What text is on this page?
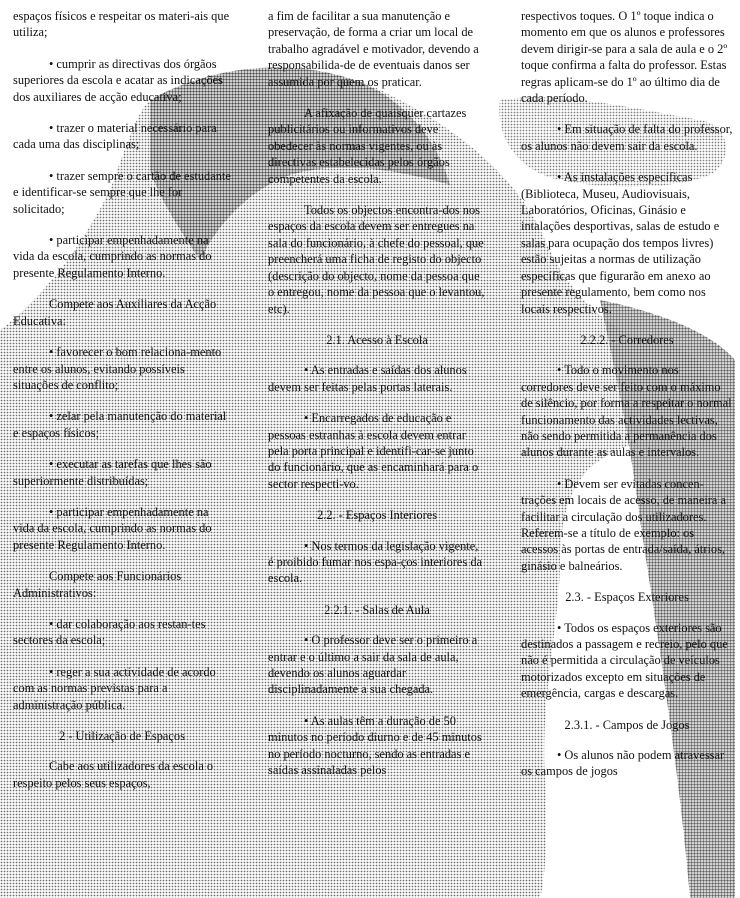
espaços físicos e respeitar os materi-ais que utiliza;

• cumprir as directivas dos órgãos superiores da escola e acatar as indicações dos auxiliares de acção educativa;

• trazer o material necessário para cada uma das disciplinas;

• trazer sempre o cartão de estudante e identificar-se sempre que lhe for solicitado;

• participar empenhadamente na vida da escola, cumprindo as normas do presente Regulamento Interno.

Compete aos Auxiliares da Acção Educativa:

• favorecer o bom relaciona-mento entre os alunos, evitando possíveis situações de conflito;

• zelar pela manutenção do material e espaços físicos;

• executar as tarefas que lhes são superiormente distribuídas;

• participar empenhadamente na vida da escola, cumprindo as normas do presente Regulamento Interno.

Compete aos Funcionários Administrativos:

• dar colaboração aos restan-tes sectores da escola;

• reger a sua actividade de acordo com as normas previstas para a administração pública.

2 - Utilização de Espaços

Cabe aos utilizadores da escola o respeito pelos seus espaços,

a fim de facilitar a sua manutenção e preservação, de forma a criar um local de trabalho agradável e motivador, devendo a responsabilida-de de eventuais danos ser assumida por quem os praticar.

A afixação de quaisquer cartazes publicitários ou informativos deve obedecer às normas vigentes, ou às directivas estabelecidas pelos órgãos competentes da escola.

Todos os objectos encontra-dos nos espaços da escola devem ser entregues na sala do funcionário, à chefe do pessoal, que preencherá uma ficha de registo do objecto (descrição do objecto, nome da pessoa que o entregou, nome da pessoa que o levantou, etc).

2.1. Acesso à Escola

• As entradas e saídas dos alunos devem ser feitas pelas portas laterais.

• Encarregados de educação e pessoas estranhas à escola devem entrar pela porta principal e identifi-car-se junto do funcionário, que as encaminhará para o sector respecti-vo.

2.2. - Espaços Interiores

• Nos termos da legislação vigente, é proibido fumar nos espa-ços interiores da escola.

2.2.1. - Salas de Aula

• O professor deve ser o primeiro a entrar e o último a sair da sala de aula, devendo os alunos aguardar disciplinadamente a sua chegada.

• As aulas têm a duração de 50 minutos no período diurno e de 45 minutos no período nocturno, sendo as entradas e saídas assinaladas pelos

respectivos toques. O 1º toque indica o momento em que os alunos e professores devem dirigir-se para a sala de aula e o 2º toque confirma a falta do professor. Estas regras aplicam-se do 1º ao último dia de cada período.

• Em situação de falta do professor, os alunos não devem sair da escola.

• As instalações específicas (Biblioteca, Museu, Audiovisuais, Laboratórios, Oficinas, Ginásio e intalações desportivas, salas de estudo e salas para ocupação dos tempos livres) estão sujeitas a normas de utilização específicas que figurarão em anexo ao presente regulamento, bem como nos locais respectivos.

2.2.2. - Corredores

• Todo o movimento nos corredores deve ser feito com o máximo de silêncio, por forma a respeitar o normal funcionamento das actividades lectivas, não sendo permitida a permanência dos alunos durante as aulas e intervalos.

• Devem ser evitadas concen-trações em locais de acesso, de maneira a facilitar a circulação dos utilizadores. Referem-se a título de exemplo: os acessos às portas de entrada/saída, átrios, ginásio e balneários.

2.3. - Espaços Exteriores

• Todos os espaços exteriores são destinados a passagem e recreio, pelo que não é permitida a circulação de veículos motorizados excepto em situações de emergência, cargas e descargas.

2.3.1. - Campos de Jogos

• Os alunos não podem atravessar os campos de jogos
